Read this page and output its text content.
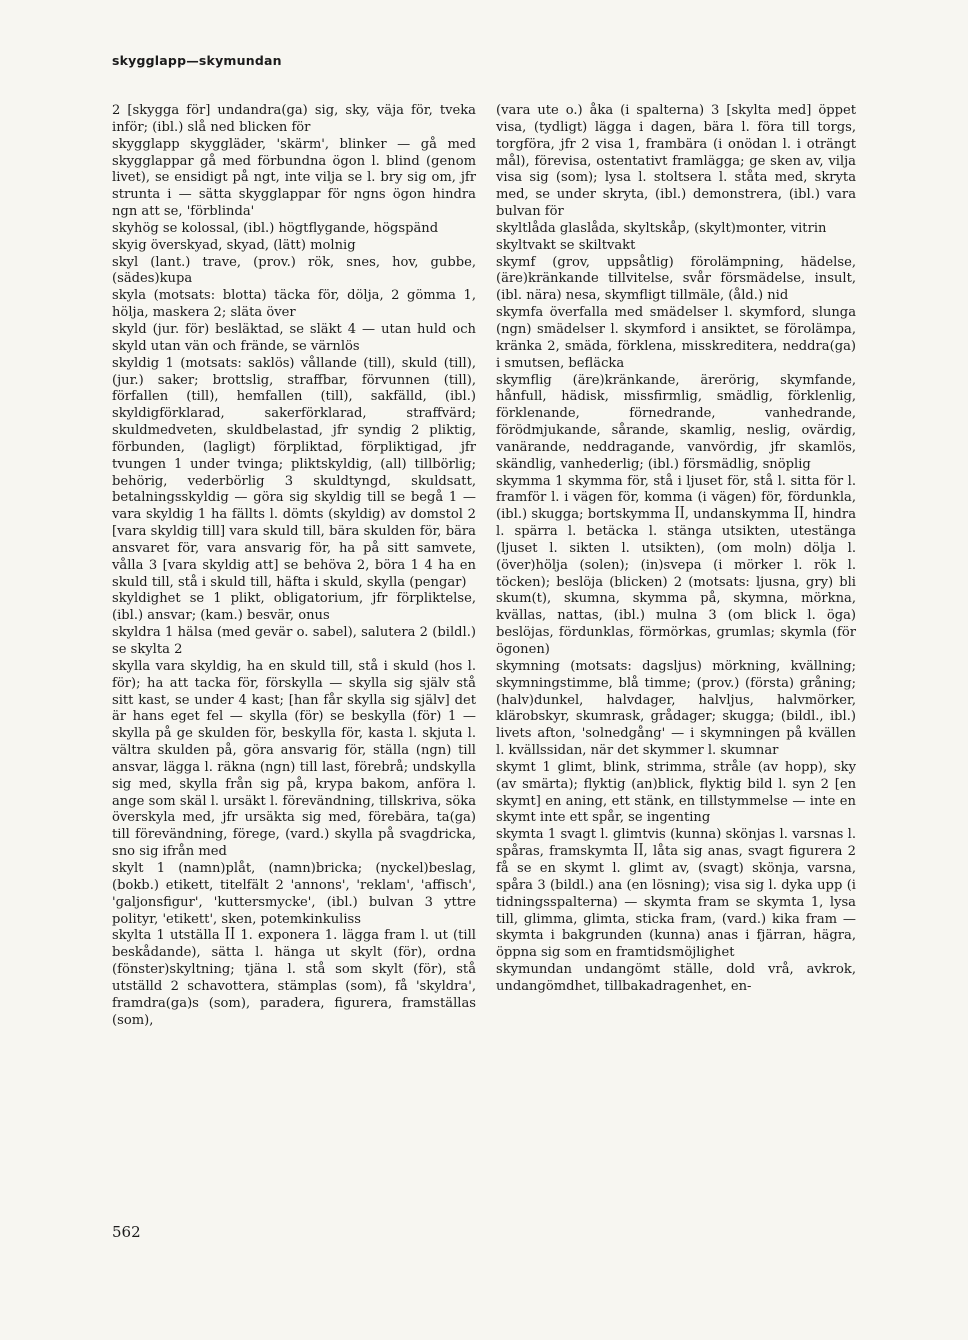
skygglapp—skymundan

2 [skygga för] undandra(ga) sig, sky, väja för, tveka inför; (ibl.) slå ned blicken för

skygglapp skyggläder, 'skärm', blinker — gå med skygglappar gå med förbundna ögon l. blind (genom livet), se ensidigt på ngt, inte vilja se l. bry sig om, jfr strunta i — sätta skygglappar för ngns ögon hindra ngn att se, 'förblinda'

skyhög se kolossal, (ibl.) högtflygande, högspänd

skyig överskyad, skyad, (lätt) molnig

skyl (lant.) trave, (prov.) rök, snes, hov, gubbe, (sädes)kupa

skyla (motsats: blotta) täcka för, dölja, 2 gömma 1, hölja, maskera 2; släta över

skyld (jur. för) besläktad, se släkt 4 — utan huld och skyld utan vän och frände, se värnlös

skyldig 1 (motsats: saklös) vållande (till), skuld (till), (jur.) saker; brottslig, straffbar, förvunnen (till), förfallen (till), hemfallen (till), sakfälld, (ibl.) skyldigförklarad, sakerförklarad, straffvärd; skuldmedveten, skuldbelastad, jfr syndig 2 pliktig, förbunden, (lagligt) förpliktad, förpliktigad, jfr tvungen 1 under tvinga; pliktskyldig, (all) tillbörlig; behörig, vederbörlig 3 skuldtyngd, skuldsatt, betalningsskyldig — göra sig skyldig till se begå 1 — vara skyldig 1 ha fällts l. dömts (skyldig) av domstol 2 [vara skyldig till] vara skuld till, bära skulden för, bära ansvaret för, vara ansvarig för, ha på sitt samvete, vålla 3 [vara skyldig att] se behöva 2, böra 1 4 ha en skuld till, stå i skuld till, häfta i skuld, skylla (pengar)

skyldighet se 1 plikt, obligatorium, jfr förpliktelse, (ibl.) ansvar; (kam.) besvär, onus

skyldra 1 hälsa (med gevär o. sabel), salutera 2 (bildl.) se skylta 2

skylla vara skyldig, ha en skuld till, stå i skuld (hos l. för); ha att tacka för, förskylla — skylla sig själv stå sitt kast, se under 4 kast; [han får skylla sig själv] det är hans eget fel — skylla (för) se beskylla (för) 1 — skylla på ge skulden för, beskylla för, kasta l. skjuta l. vältra skulden på, göra ansvarig för, ställa (ngn) till ansvar, lägga l. räkna (ngn) till last, förebrå; undskylla sig med, skylla från sig på, krypa bakom, anföra l. ange som skäl l. ursäkt l. förevändning, tillskriva, söka överskyla med, jfr ursäkta sig med, förebära, ta(ga) till förevändning, förege, (vard.) skylla på svagdricka, sno sig ifrån med

skylt 1 (namn)plåt, (namn)bricka; (nyckel)beslag, (bokb.) etikett, titelfält 2 'annons', 'reklam', 'affisch', 'galjonsfigur', 'kuttersmycke', (ibl.) bulvan 3 yttre polityr, 'etikett', sken, potemkinkuliss

skylta 1 utställa ꟾꟾ 1. exponera 1. lägga fram l. ut (till beskådande), sätta l. hänga ut skylt (för), ordna (fönster)skyltning; tjäna l. stå som skylt (för), stå utställd 2 schavottera, stämplas (som), få 'skyldra', framdra(ga)s (som), paradera, figurera, framställas (som),

(vara ute o.) åka (i spalterna) 3 [skylta med] öppet visa, (tydligt) lägga i dagen, bära l. föra till torgs, torgföra, jfr 2 visa 1, frambära (i onödan l. i oträngt mål), förevisa, ostentativt framlägga; ge sken av, vilja visa sig (som); lysa l. stoltsera l. ståta med, skryta med, se under skryta, (ibl.) demonstrera, (ibl.) vara bulvan för

skyltlåda glaslåda, skyltskåp, (skylt)monter, vitrin

skyltvakt se skiltvakt

skymf (grov, uppsåtlig) förolämpning, hädelse, (äre)kränkande tillvitelse, svår försmädelse, insult, (ibl. nära) nesa, skymfligt tillmäle, (åld.) nid

skymfa överfalla med smädelser l. skymford, slunga (ngn) smädelser l. skymford i ansiktet, se förolämpa, kränka 2, smäda, förklena, misskreditera, neddra(ga) i smutsen, befläcka

skymflig (äre)kränkande, ärerörig, skymfande, hånfull, hädisk, missfirmlig, smädlig, förklenlig, förklenande, förnedrande, vanhedrande, förödmjukande, sårande, skamlig, neslig, ovärdig, vanärande, neddragande, vanvördig, jfr skamlös, skändlig, vanhederlig; (ibl.) försmädlig, snöplig

skymma 1 skymma för, stå i ljuset för, stå l. sitta för l. framför l. i vägen för, komma (i vägen) för, fördunkla, (ibl.) skugga; bortskymma ꟾꟾ, undanskymma ꟾꟾ, hindra l. spärra l. betäcka l. stänga utsikten, utestänga (ljuset l. sikten l. utsikten), (om moln) dölja l. (över)hölja (solen); (in)svepa (i mörker l. rök l. töcken); beslöja (blicken) 2 (motsats: ljusna, gry) bli skum(t), skumna, skymma på, skymna, mörkna, kvällas, nattas, (ibl.) mulna 3 (om blick l. öga) beslöjas, fördunklas, förmörkas, grumlas; skymla (för ögonen)

skymning (motsats: dagsljus) mörkning, kvällning; skymningstimme, blå timme; (prov.) (första) gråning; (halv)dunkel, halvdager, halvljus, halvmörker, klärobskyr, skumrask, grådager; skugga; (bildl., ibl.) livets afton, 'solnedgång' — i skymningen på kvällen l. kvällssidan, när det skymmer l. skumnar

skymt 1 glimt, blink, strimma, stråle (av hopp), sky (av smärta); flyktig (an)blick, flyktig bild l. syn 2 [en skymt] en aning, ett stänk, en tillstymmelse — inte en skymt inte ett spår, se ingenting

skymta 1 svagt l. glimtvis (kunna) skönjas l. varsnas l. spåras, framskymta ꟾꟾ, låta sig anas, svagt figurera 2 få se en skymt l. glimt av, (svagt) skönja, varsna, spåra 3 (bildl.) ana (en lösning); visa sig l. dyka upp (i tidningsspalterna) — skymta fram se skymta 1, lysa till, glimma, glimta, sticka fram, (vard.) kika fram — skymta i bakgrunden (kunna) anas i fjärran, hägra, öppna sig som en framtidsmöjlighet

skymundan undangömt ställe, dold vrå, avkrok, undangömdhet, tillbakadragenhet, en-

562
